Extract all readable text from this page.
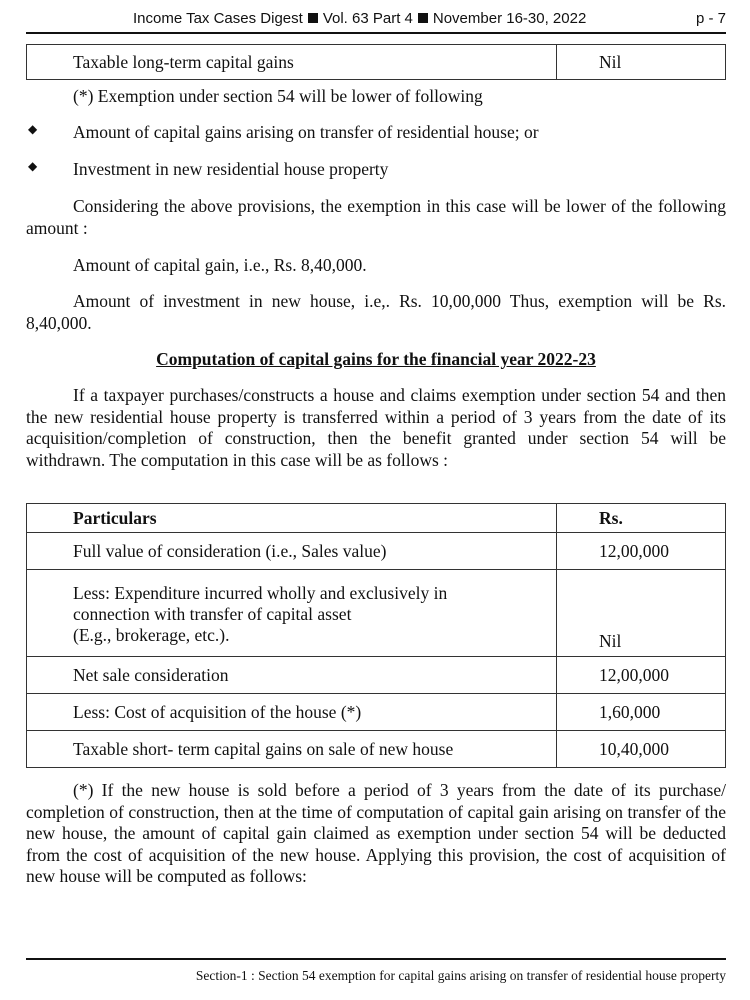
Income Tax Cases Digest Vol. 63 Part 4 November 16-30, 2022	p - 7
Taxable long-term capital gains	Nil
(*) Exemption under section 54 will be lower of following
◆ Amount of capital gains arising on transfer of residential house; or
◆ Investment in new residential house property
Considering the above provisions, the exemption in this case will be lower of the following amount :
Amount of capital gain, i.e., Rs. 8,40,000.
Amount of investment in new house, i.e,. Rs. 10,00,000 Thus, exemption will be Rs. 8,40,000.
Computation of capital gains for the financial year 2022-23
If a taxpayer purchases/constructs a house and claims exemption under section 54 and then the new residential house property is transferred within a period of 3 years from the date of its acquisition/completion of construction, then the benefit granted under section 54 will be withdrawn. The computation in this case will be as follows :
Particulars	Rs.
Full value of consideration (i.e., Sales value)	12,00,000

Less: Expenditure incurred wholly and exclusively in
connection with transfer of capital asset
(E.g., brokerage, etc.).	Nil
Net sale consideration	12,00,000
Less: Cost of acquisition of the house (*)	1,60,000
Taxable short- term capital gains on sale of new house	10,40,000
(*) If the new house is sold before a period of 3 years from the date of its purchase/ completion of construction, then at the time of computation of capital gain arising on transfer of the new house, the amount of capital gain claimed as exemption under section 54 will be deducted from the cost of acquisition of the new house. Applying this provision, the cost of acquisition of new house will be computed as follows:
Section-1 : Section 54 exemption for capital gains arising on transfer of residential house property
